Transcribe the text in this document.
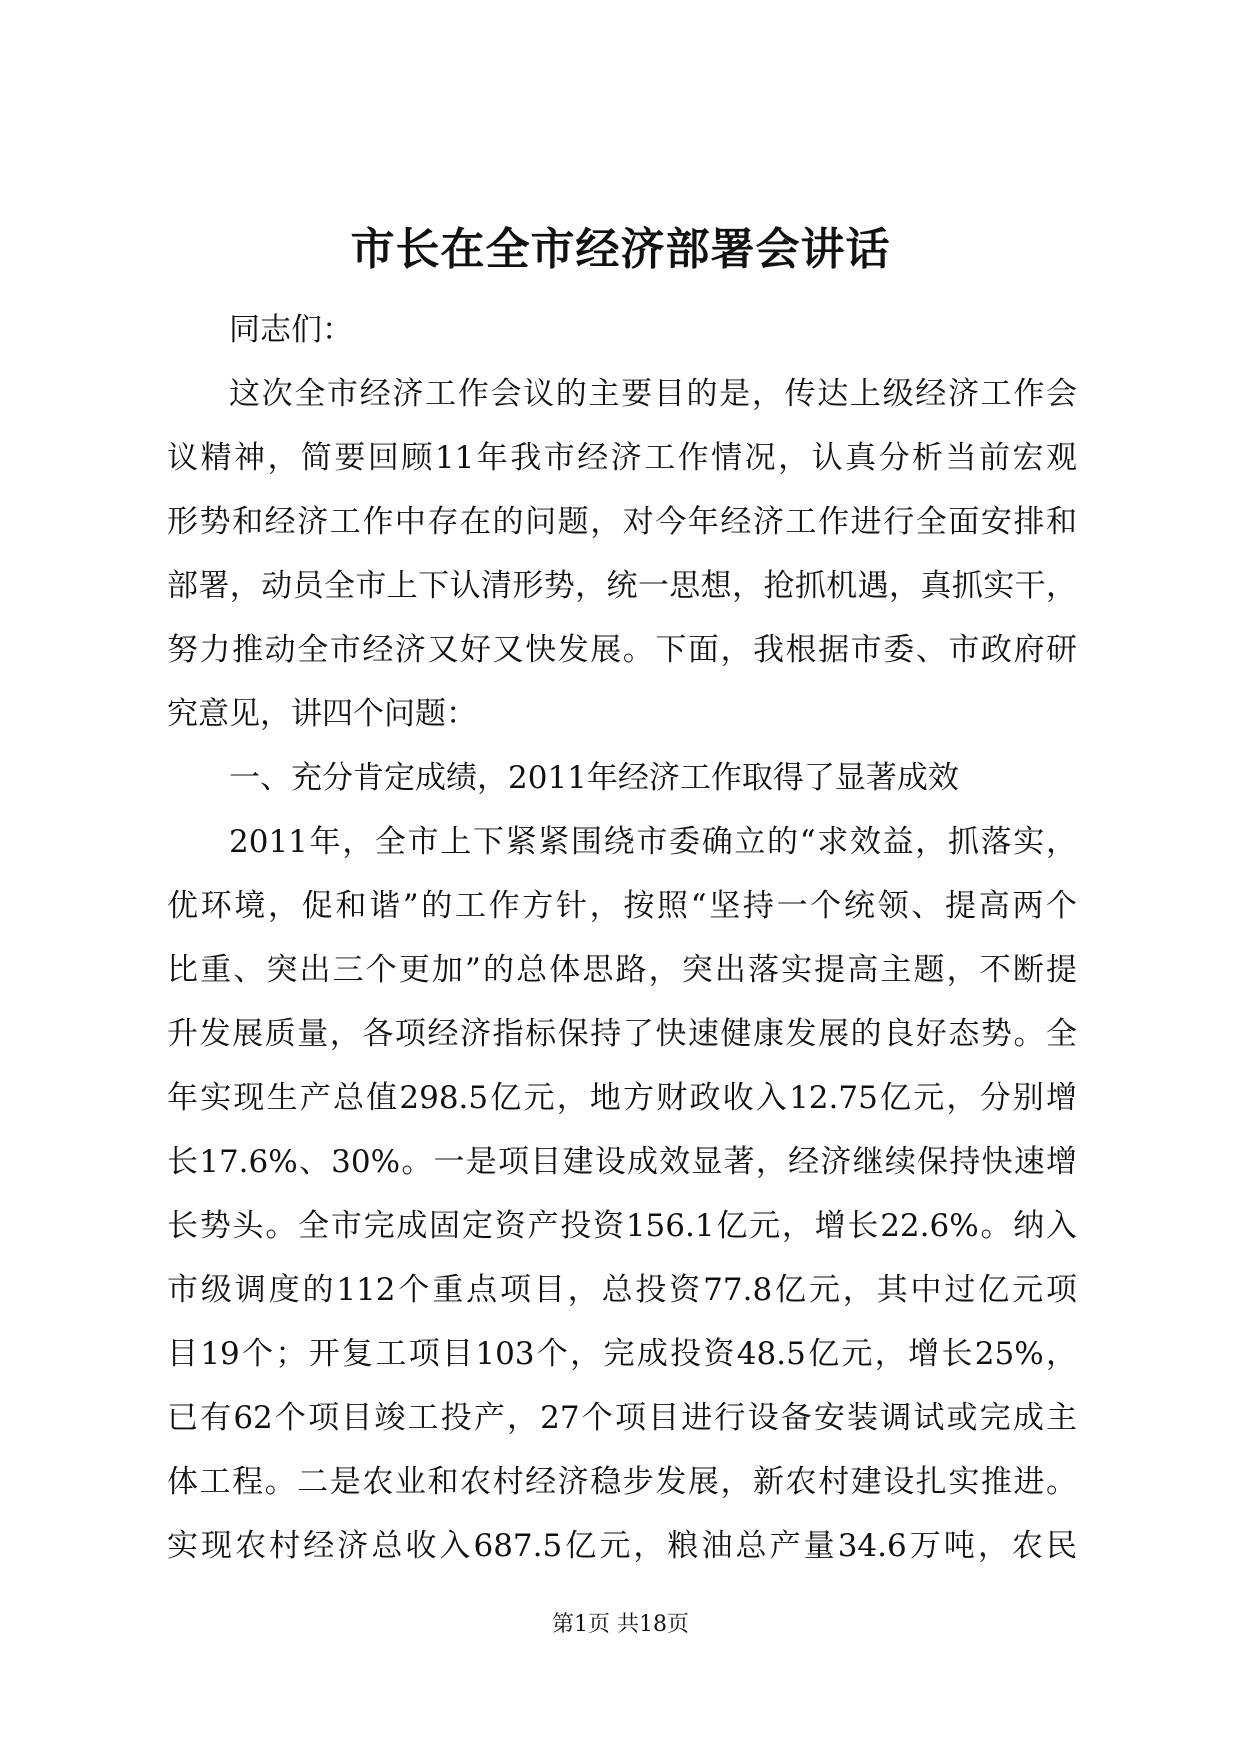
市长在全市经济部署会讲话
同志们：
这次全市经济工作会议的主要目的是，传达上级经济工作会
议精神，简要回顾11年我市经济工作情况，认真分析当前宏观
形势和经济工作中存在的问题，对今年经济工作进行全面安排和
部署，动员全市上下认清形势，统一思想，抢抓机遇，真抓实干，
努力推动全市经济又好又快发展。下面，我根据市委、市政府研
究意见，讲四个问题：
一、充分肯定成绩，2011年经济工作取得了显著成效
2011年，全市上下紧紧围绕市委确立的“求效益，抓落实，
优环境，促和谐”的工作方针，按照“坚持一个统领、提高两个
比重、突出三个更加”的总体思路，突出落实提高主题，不断提
升发展质量，各项经济指标保持了快速健康发展的良好态势。全
年实现生产总值298.5亿元，地方财政收入12.75亿元，分别增
长17.6%、30%。一是项目建设成效显著，经济继续保持快速增
长势头。全市完成固定资产投资156.1亿元，增长22.6%。纳入
市级调度的112个重点项目，总投资77.8亿元，其中过亿元项
目19个；开复工项目103个，完成投资48.5亿元，增长25%，
已有62个项目竣工投产，27个项目进行设备安装调试或完成主
体工程。二是农业和农村经济稳步发展，新农村建设扎实推进。
实现农村经济总收入687.5亿元，粮油总产量34.6万吨，农民
第1页 共18页
